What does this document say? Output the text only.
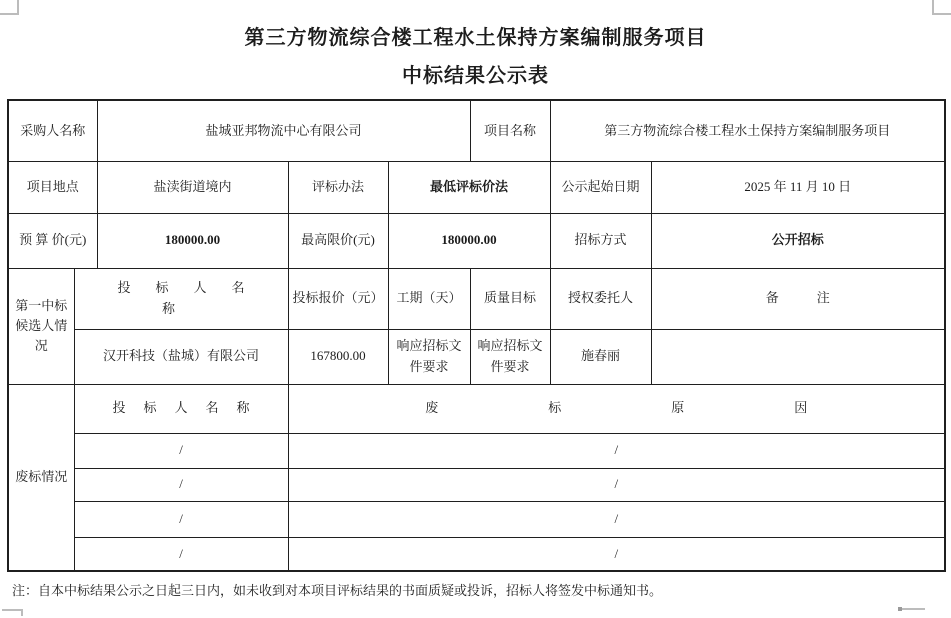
第三方物流综合楼工程水土保持方案编制服务项目
中标结果公示表
采购人名称		盐城亚邦物流中心有限公司			项目名称	第三方物流综合楼工程水土保持方案编制服务项目	
项目地点		盐渎街道境内	评标办法	最低评标价法		公示起始日期	2025 年 11 月 10 日
预 算 价(元)		180000.00	最高限价(元)	180000.00		招标方式	公开招标
第一中标候选人情况	投标人名称		投标报价（元）	工期（天）	质量目标	授权委托人	备注
	汉开科技（盐城）有限公司		167800.00	响应招标文件要求	响应招标文件要求	施春丽	
废标情况	投标人名称		废标原因				
	/		/				
	/		/				
	/		/				
	/		/				
注：自本中标结果公示之日起三日内，如未收到对本项目评标结果的书面质疑或投诉，招标人将签发中标通知书。
